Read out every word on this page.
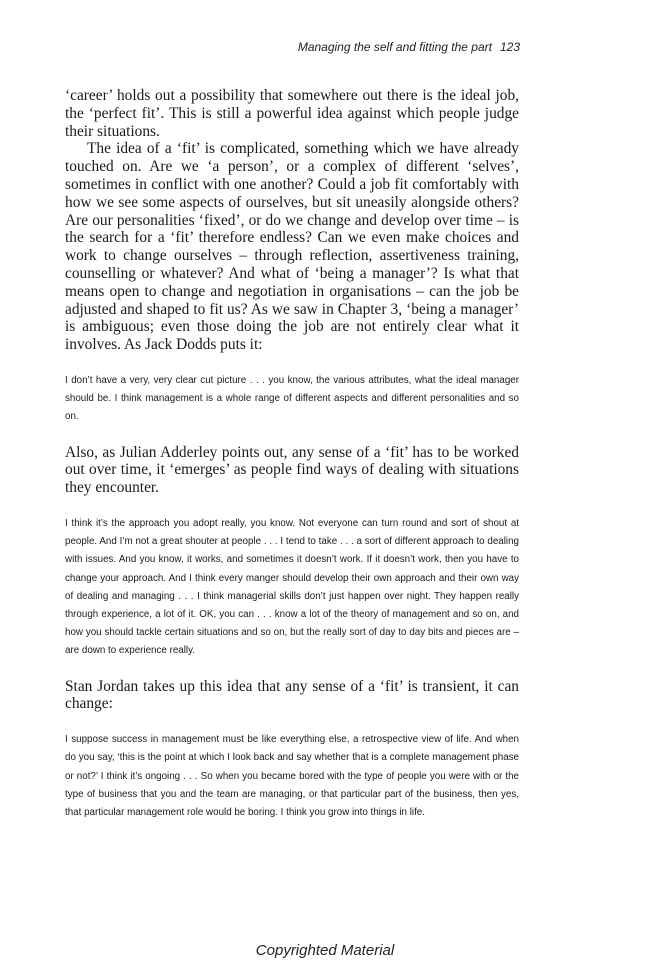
Managing the self and fitting the part 123

‘career’ holds out a possibility that somewhere out there is the ideal job, the ‘perfect fit’. This is still a powerful idea against which people judge their situations.

The idea of a ‘fit’ is complicated, something which we have already touched on. Are we ‘a person’, or a complex of different ‘selves’, sometimes in conflict with one another? Could a job fit comfortably with how we see some aspects of ourselves, but sit uneasily alongside others? Are our personalities ‘fixed’, or do we change and develop over time – is the search for a ‘fit’ therefore endless? Can we even make choices and work to change ourselves – through reflection, assertiveness training, counselling or whatever? And what of ‘being a manager’? Is what that means open to change and negotiation in organisations – can the job be adjusted and shaped to fit us? As we saw in Chapter 3, ‘being a manager’ is ambiguous; even those doing the job are not entirely clear what it involves. As Jack Dodds puts it:

I don’t have a very, very clear cut picture . . . you know, the various attributes, what the ideal manager should be. I think management is a whole range of different aspects and different personalities and so on.

Also, as Julian Adderley points out, any sense of a ‘fit’ has to be worked out over time, it ‘emerges’ as people find ways of dealing with situations they encounter.

I think it’s the approach you adopt really, you know. Not everyone can turn round and sort of shout at people. And I’m not a great shouter at people . . . I tend to take . . . a sort of different approach to dealing with issues. And you know, it works, and sometimes it doesn’t work. If it doesn’t work, then you have to change your approach. And I think every manger should develop their own approach and their own way of dealing and managing . . . I think managerial skills don’t just happen over night. They happen really through experience, a lot of it. OK, you can . . . know a lot of the theory of management and so on, and how you should tackle certain situations and so on, but the really sort of day to day bits and pieces are – are down to experience really.

Stan Jordan takes up this idea that any sense of a ‘fit’ is transient, it can change:

I suppose success in management must be like everything else, a retrospective view of life. And when do you say, ‘this is the point at which I look back and say whether that is a complete management phase or not?’ I think it’s ongoing . . . So when you became bored with the type of people you were with or the type of business that you and the team are managing, or that particular part of the business, then yes, that particular management role would be boring. I think you grow into things in life.

Copyrighted Material
